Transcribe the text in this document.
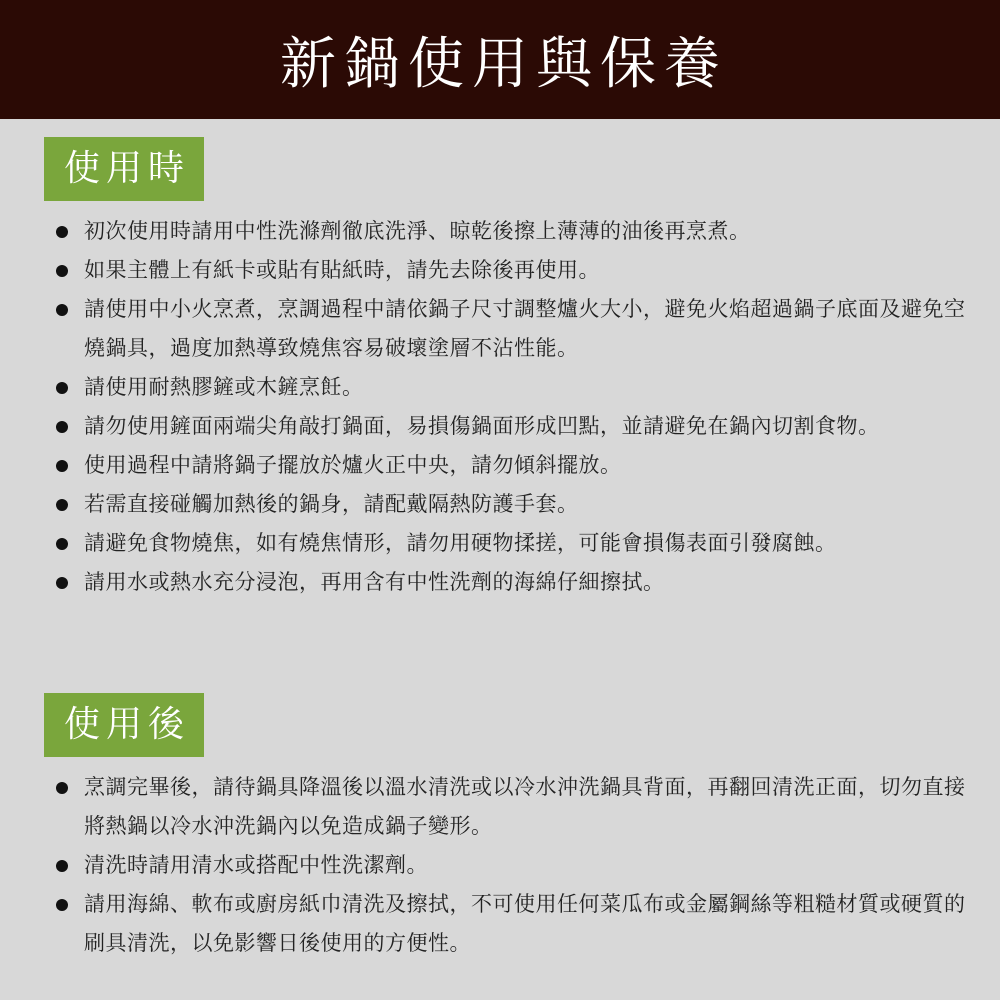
新鍋使用與保養
使用時
初次使用時請用中性洗滌劑徹底洗淨、晾乾後擦上薄薄的油後再烹煮。
如果主體上有紙卡或貼有貼紙時，請先去除後再使用。
請使用中小火烹煮，烹調過程中請依鍋子尺寸調整爐火大小，避免火焰超過鍋子底面及避免空燒鍋具，過度加熱導致燒焦容易破壞塗層不沾性能。
請使用耐熱膠鏟或木鏟烹飪。
請勿使用鏟面兩端尖角敲打鍋面，易損傷鍋面形成凹點，並請避免在鍋內切割食物。
使用過程中請將鍋子擺放於爐火正中央，請勿傾斜擺放。
若需直接碰觸加熱後的鍋身，請配戴隔熱防護手套。
請避免食物燒焦，如有燒焦情形，請勿用硬物揉搓，可能會損傷表面引發腐蝕。
請用水或熱水充分浸泡，再用含有中性洗劑的海綿仔細擦拭。
使用後
烹調完畢後，請待鍋具降溫後以溫水清洗或以冷水沖洗鍋具背面，再翻回清洗正面，切勿直接將熱鍋以冷水沖洗鍋內以免造成鍋子變形。
清洗時請用清水或搭配中性洗潔劑。
請用海綿、軟布或廚房紙巾清洗及擦拭，不可使用任何菜瓜布或金屬鋼絲等粗糙材質或硬質的刷具清洗，以免影響日後使用的方便性。
